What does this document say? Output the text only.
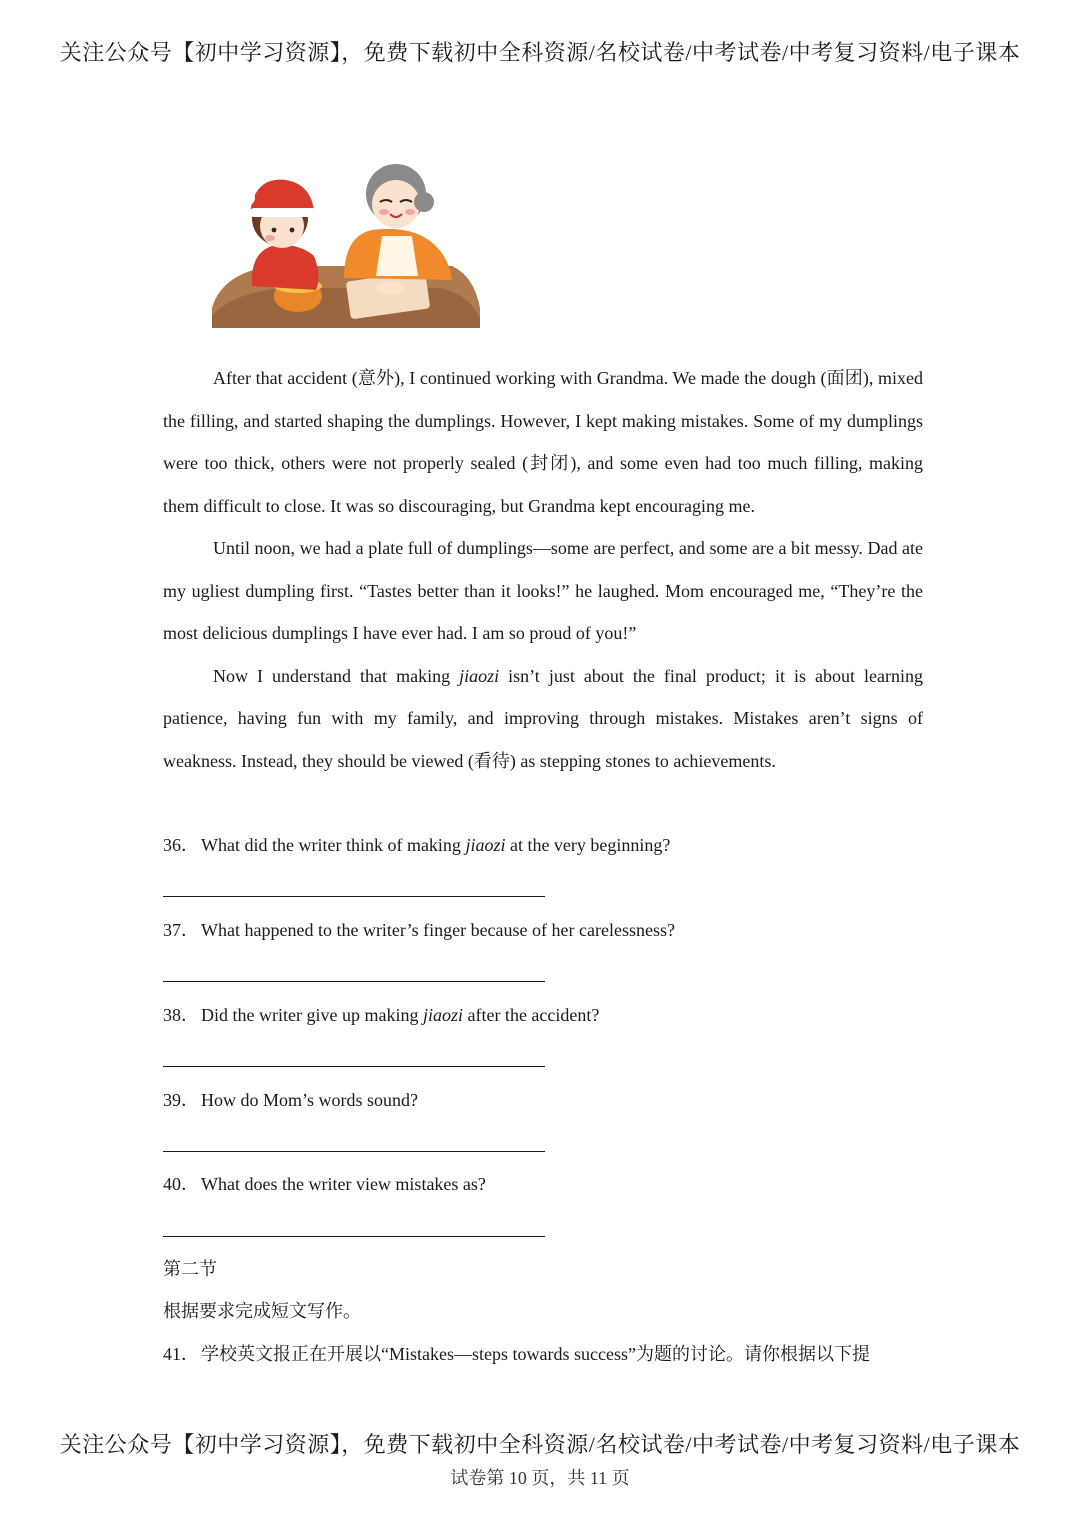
关注公众号【初中学习资源】，免费下载初中全科资源/名校试卷/中考试卷/中考复习资料/电子课本

After that accident (意外), I continued working with Grandma. We made the dough (面团), mixed the filling, and started shaping the dumplings. However, I kept making mistakes. Some of my dumplings were too thick, others were not properly sealed (封闭), and some even had too much filling, making them difficult to close. It was so discouraging, but Grandma kept encouraging me.

Until noon, we had a plate full of dumplings—some are perfect, and some are a bit messy. Dad ate my ugliest dumpling first. “Tastes better than it looks!” he laughed. Mom encouraged me, “They’re the most delicious dumplings I have ever had. I am so proud of you!”

Now I understand that making jiaozi isn’t just about the final product; it is about learning patience, having fun with my family, and improving through mistakes. Mistakes aren’t signs of weakness. Instead, they should be viewed (看待) as stepping stones to achievements.

36． What did the writer think of making jiaozi at the very beginning?
37． What happened to the writer’s finger because of her carelessness?
38． Did the writer give up making jiaozi after the accident?
39． How do Mom’s words sound?
40． What does the writer view mistakes as?
第二节
根据要求完成短文写作。
41． 学校英文报正在开展以“Mistakes—steps towards success”为题的讨论。请你根据以下提
关注公众号【初中学习资源】，免费下载初中全科资源/名校试卷/中考试卷/中考复习资料/电子课本
试卷第 10 页，共 11 页
